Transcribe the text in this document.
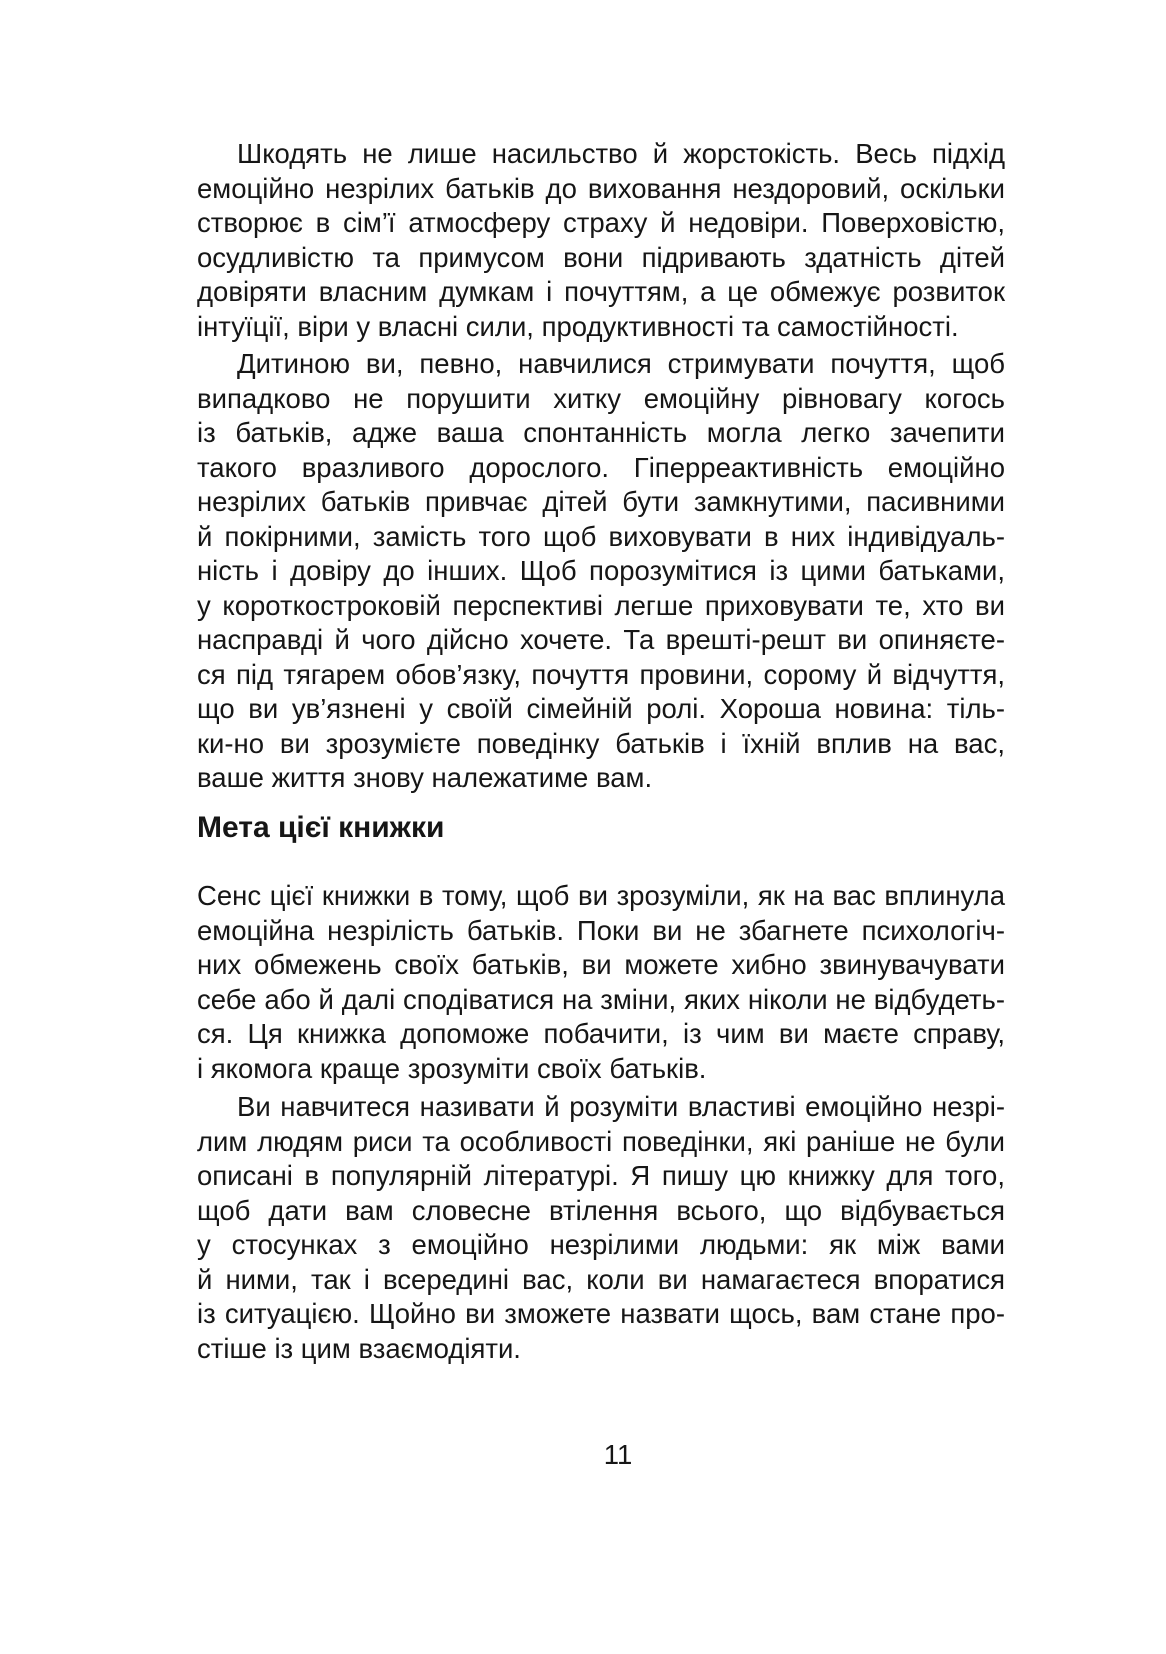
Шкодять не лише насильство й жорстокість. Весь підхід
емоційно незрілих батьків до виховання нездоровий, оскільки
створює в сім’ї атмосферу страху й недовіри. Поверховістю,
осудливістю та примусом вони підривають здатність дітей
довіряти власним думкам і почуттям, а це обмежує розвиток
інтуїції, віри у власні сили, продуктивності та самостійності.
Дитиною ви, певно, навчилися стримувати почуття, щоб
випадково не порушити хитку емоційну рівновагу когось
із батьків, адже ваша спонтанність могла легко зачепити
такого вразливого дорослого. Гіперреактивність емоційно
незрілих батьків привчає дітей бути замкнутими, пасивними
й покірними, замість того щоб виховувати в них індивідуаль-
ність і довіру до інших. Щоб порозумітися із цими батьками,
у короткостроковій перспективі легше приховувати те, хто ви
насправді й чого дійсно хочете. Та врешті-решт ви опиняєте-
ся під тягарем обов’язку, почуття провини, сорому й відчуття,
що ви ув’язнені у своїй сімейній ролі. Хороша новина: тіль-
ки-но ви зрозумієте поведінку батьків і їхній вплив на вас,
ваше життя знову належатиме вам.
Мета цієї книжки
Сенс цієї книжки в тому, щоб ви зрозуміли, як на вас вплинула
емоційна незрілість батьків. Поки ви не збагнете психологіч-
них обмежень своїх батьків, ви можете хибно звинувачувати
себе або й далі сподіватися на зміни, яких ніколи не відбудеть-
ся. Ця книжка допоможе побачити, із чим ви маєте справу,
і якомога краще зрозуміти своїх батьків.
Ви навчитеся називати й розуміти властиві емоційно незрі-
лим людям риси та особливості поведінки, які раніше не були
описані в популярній літературі. Я пишу цю книжку для того,
щоб дати вам словесне втілення всього, що відбувається
у стосунках з емоційно незрілими людьми: як між вами
й ними, так і всередині вас, коли ви намагаєтеся впоратися
із ситуацією. Щойно ви зможете назвати щось, вам стане про-
стіше із цим взаємодіяти.
11
